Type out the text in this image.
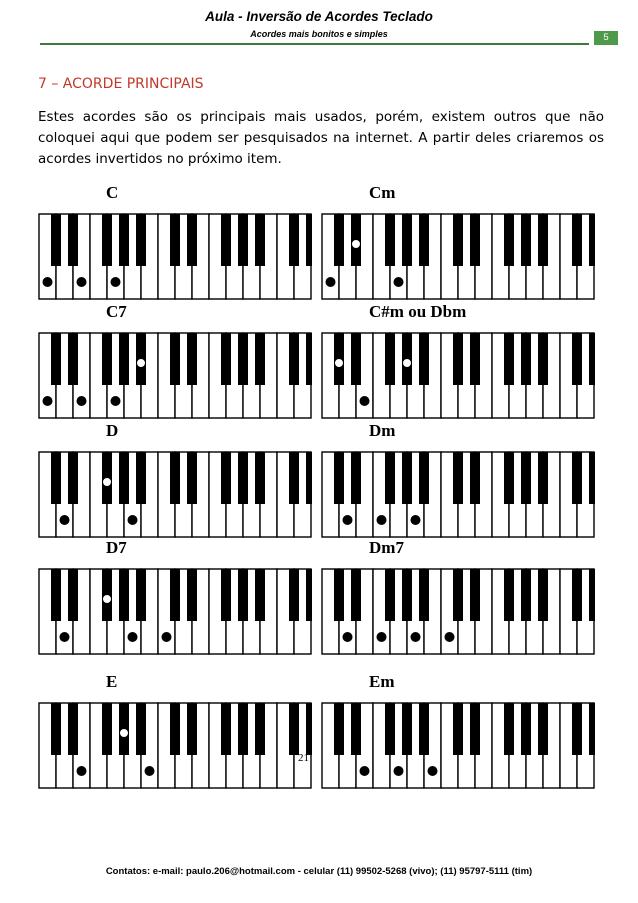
Aula - Inversão de Acordes Teclado
Acordes mais bonitos e simples	5
7 – ACORDE PRINCIPAIS
Estes acordes são os principais mais usados, porém, existem outros que não coloquei aqui que podem ser pesquisados na internet. A partir deles criaremos os acordes invertidos no próximo item.
C	Cm
C7	C#m ou Dbm
D	Dm
D7	Dm7
E	Em
21
Contatos: e-mail: paulo.206@hotmail.com - celular (11) 99502-5268 (vivo); (11) 95797-5111 (tim)
